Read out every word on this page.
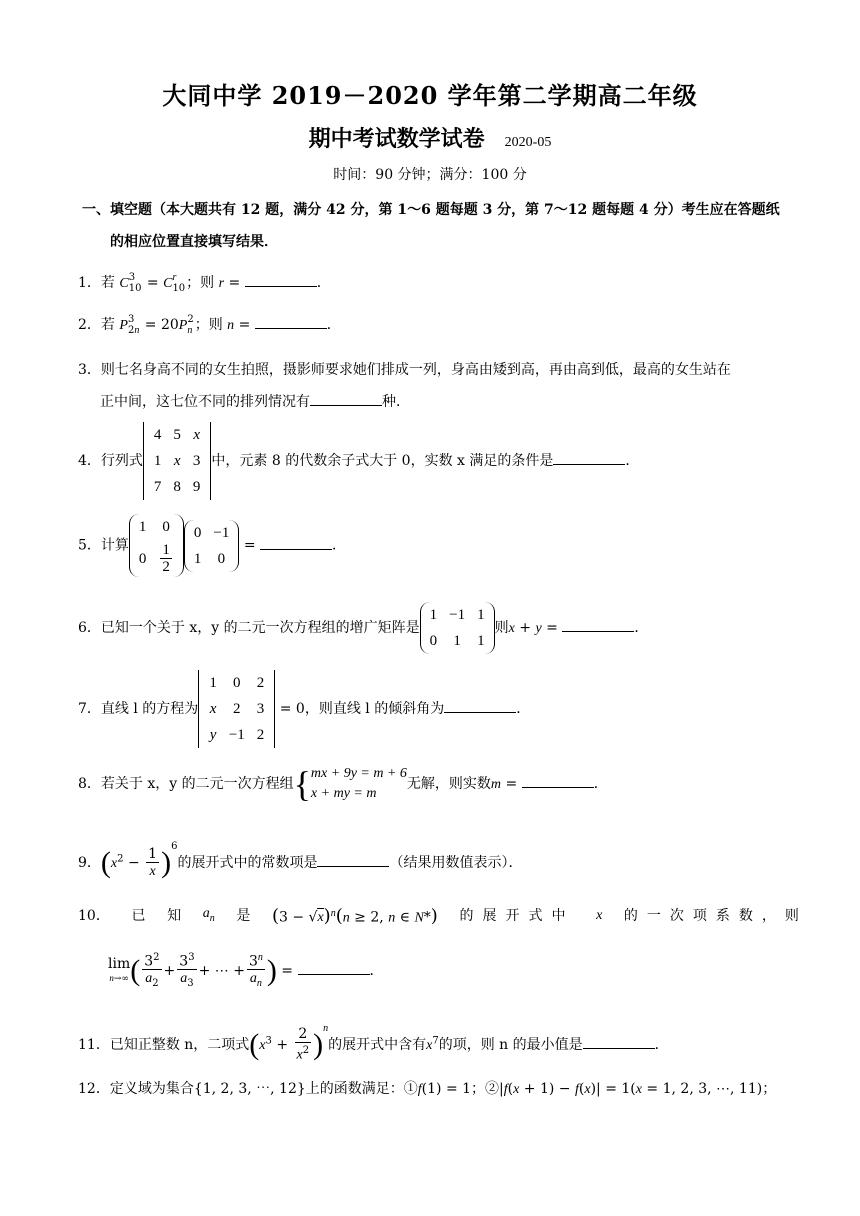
大同中学 2019－2020 学年第二学期高二年级
期中考试数学试卷 2020-05
时间：90 分钟；满分：100 分
一、填空题（本大题共有 12 题，满分 42 分，第 1～6 题每题 3 分，第 7～12 题每题 4 分）考生应在答题纸
的相应位置直接填写结果．
1．若 C 3
10 = C r
10 ；则 r =	．
2．若 P 3
2n = 20P 2
n ；则 n =	．
3．则七名身高不同的女生拍照，摄影师要求她们排成一列，身高由矮到高，再由高到低，最高的女生站在
正中间，这七位不同的排列情况有	种．
4．行列式
4	5	x
1	x	3
7	8	9
中，元素 8 的代数余子式大于 0，实数 x 满足的条件是	．
5．计算
1	0
0	$\frac{1}{2}$
0	−1
1	0
=	．
6．已知一个关于 x，y 的二元一次方程组的增广矩阵是
1	−1	1
0	1	1
则x + y =	．
7．直线 l 的方程为
1	0	2
x	2	3
y	−1	2
= 0，则直线 l 的倾斜角为	．
8．若关于 x，y 的二元一次方程组{ mx + 9y = m + 6
x + my = m
无解，则实数m =	．
9．$(x^2 - \frac{1}{x} )^6$的展开式中的常数项是	（结果用数值表示）．
10． 已 知 $a_n$ 是 $(3 - √x)^n(n \ge 2$, n ∈ N*) 的展开式中 x 的一次项系数，则
lim
n→∞ ( $\frac{3^2}{a_2} + \frac{3^3}{a_3}$ + ⋯ + $\frac{3^n}{a_n}$ ) =	．
11．已知正整数 n，二项式$(x^3 + \frac{2}{x^2} )^n$的展开式中含有$x^7$的项，则 n 的最小值是	．
12．定义域为集合{1, 2, 3, ⋯, 12}上的函数满足：①f(1) = 1；②|f(x + 1) − f(x)| = 1(x = 1, 2, 3, ⋯, 11)；
